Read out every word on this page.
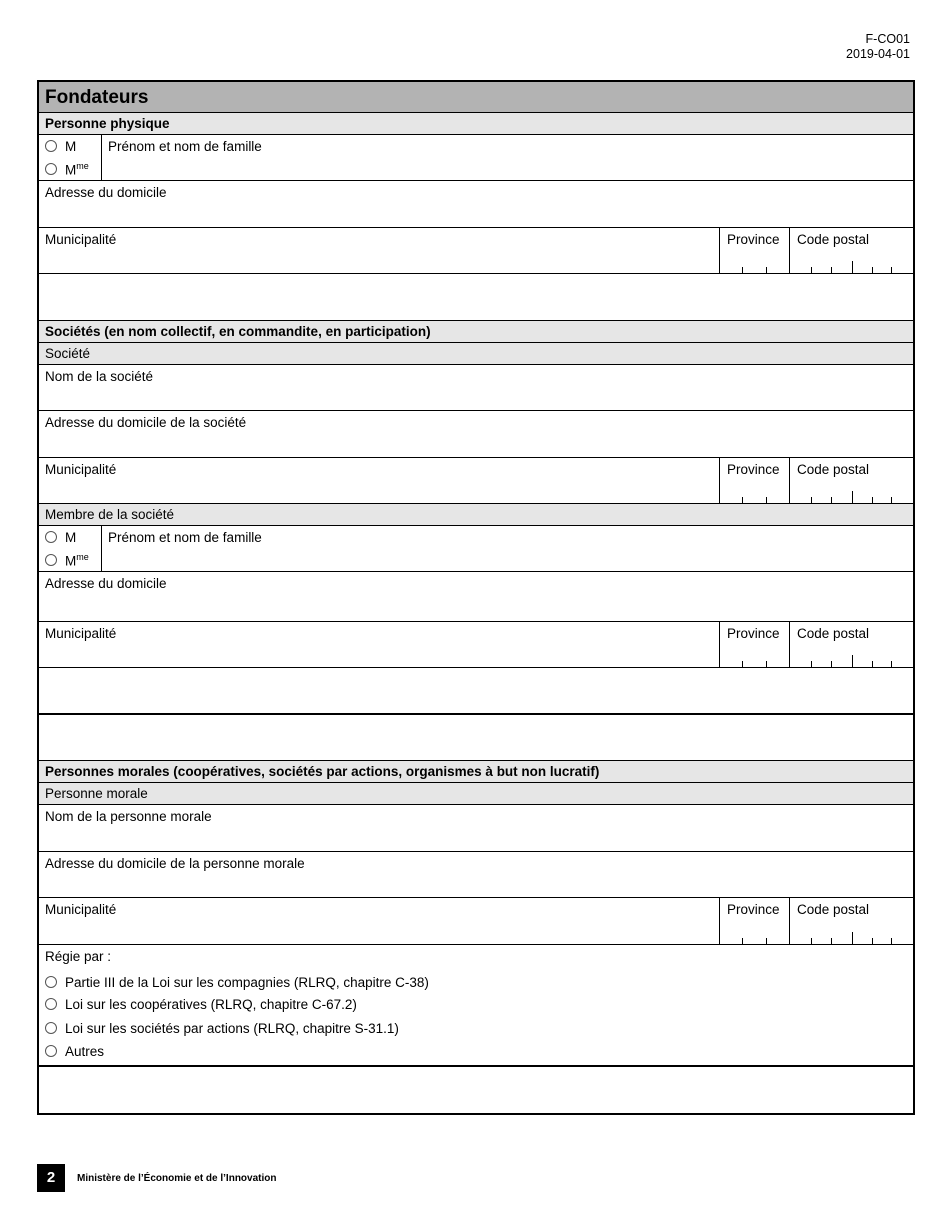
F-CO01
2019-04-01
Fondateurs
Personne physique
M
$M^{me}$
Prénom et nom de famille
Adresse du domicile
Municipalité	Province Code postal
Sociétés (en nom collectif, en commandite, en participation)
Société
Nom de la société
Adresse du domicile de la société
Municipalité	Province Code postal
Membre de la société
M
$M^{me}$
Prénom et nom de famille
Adresse du domicile
Municipalité	Province Code postal
Personnes morales (coopératives, sociétés par actions, organismes à but non lucratif)
Personne morale
Nom de la personne morale
Adresse du domicile de la personne morale
Municipalité	Province Code postal
Régie par :
Partie III de la Loi sur les compagnies (RLRQ, chapitre C-38)
Loi sur les coopératives (RLRQ, chapitre C-67.2)
Loi sur les sociétés par actions (RLRQ, chapitre S-31.1)
Autres
2	Ministère de l’Économie et de l’Innovation
